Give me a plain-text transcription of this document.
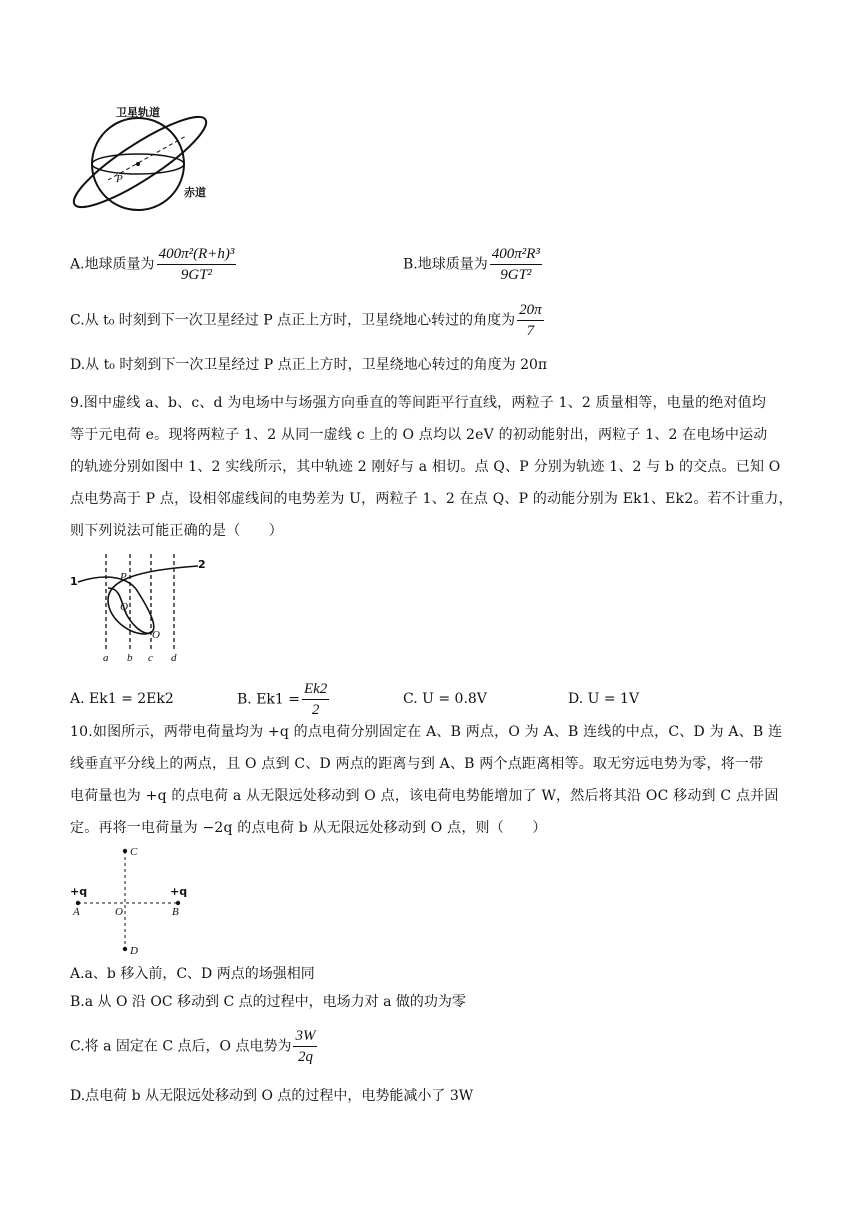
卫星轨道
赤道
P
A.地球质量为 $\frac{\text{400π²(R+h)³}}{\text{9GT²}}$	B.地球质量为 $\frac{\text{400π²R³}}{\text{9GT²}}$
C.从 t₀ 时刻到下一次卫星经过 P 点正上方时，卫星绕地心转过的角度为 $\frac{20\pi}{7}$
D.从 t₀ 时刻到下一次卫星经过 P 点正上方时，卫星绕地心转过的角度为 20π
9.图中虚线 a、b、c、d 为电场中与场强方向垂直的等间距平行直线，两粒子 1、2 质量相等，电量的绝对值均
等于元电荷 e。现将两粒子 1、2 从同一虚线 c 上的 O 点均以 2eV 的初动能射出，两粒子 1、2 在电场中运动
的轨迹分别如图中 1、2 实线所示，其中轨迹 2 刚好与 a 相切。点 Q、P 分别为轨迹 1、2 与 b 的交点。已知 O
点电势高于 P 点，设相邻虚线间的电势差为 U，两粒子 1、2 在点 Q、P 的动能分别为 Ek1、Ek2。若不计重力，
则下列说法可能正确的是（　　）
1
2
P
Q
O
a b c d
A. Ek1 = 2Ek2	B. $Ek1 = \frac{Ek2}{2}$	C. U = 0.8V	D. U = 1V
10.如图所示，两带电荷量均为 +q 的点电荷分别固定在 A、B 两点，O 为 A、B 连线的中点，C、D 为 A、B 连
线垂直平分线上的两点，且 O 点到 C、D 两点的距离与到 A、B 两个点距离相等。取无穷远电势为零，将一带
电荷量也为 +q 的点电荷 a 从无限远处移动到 O 点，该电荷电势能增加了 W，然后将其沿 OC 移动到 C 点并固
定。再将一电荷量为 −2q 的点电荷 b 从无限远处移动到 O 点，则（　　）
C
D
A	B
O
+q	+q
A.a、b 移入前，C、D 两点的场强相同
B.a 从 O 沿 OC 移动到 C 点的过程中，电场力对 a 做的功为零
C.将 a 固定在 C 点后，O 点电势为 $\frac{3W}{2q}$
D.点电荷 b 从无限远处移动到 O 点的过程中，电势能减小了 3W
